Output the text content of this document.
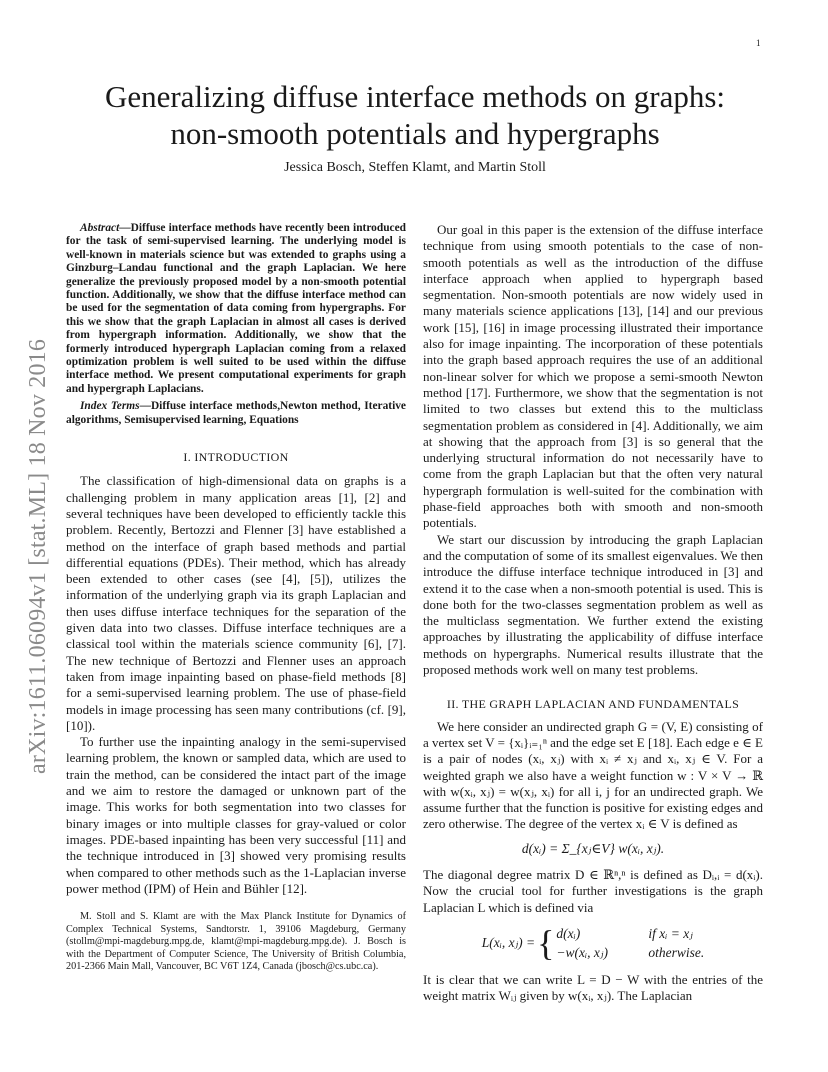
1
arXiv:1611.06094v1 [stat.ML] 18 Nov 2016
Generalizing diffuse interface methods on graphs:
non-smooth potentials and hypergraphs
Jessica Bosch, Steffen Klamt, and Martin Stoll

Abstract—Diffuse interface methods have recently been introduced for the task of semi-supervised learning. The underlying model is well-known in materials science but was extended to graphs using a Ginzburg–Landau functional and the graph Laplacian. We here generalize the previously proposed model by a non-smooth potential function. Additionally, we show that the diffuse interface method can be used for the segmentation of data coming from hypergraphs. For this we show that the graph Laplacian in almost all cases is derived from hypergraph information. Additionally, we show that the formerly introduced hypergraph Laplacian coming from a relaxed optimization problem is well suited to be used within the diffuse interface method. We present computational experiments for graph and hypergraph Laplacians.

Index Terms—Diffuse interface methods,Newton method, Iterative algorithms, Semisupervised learning, Equations

I. INTRODUCTION

The classification of high-dimensional data on graphs is a challenging problem in many application areas [1], [2] and several techniques have been developed to efficiently tackle this problem. Recently, Bertozzi and Flenner [3] have established a method on the interface of graph based methods and partial differential equations (PDEs). Their method, which has already been extended to other cases (see [4], [5]), utilizes the information of the underlying graph via its graph Laplacian and then uses diffuse interface techniques for the separation of the given data into two classes. Diffuse interface techniques are a classical tool within the materials science community [6], [7]. The new technique of Bertozzi and Flenner uses an approach taken from image inpainting based on phase-field methods [8] for a semi-supervised learning problem. The use of phase-field models in image processing has seen many contributions (cf. [9], [10]).

To further use the inpainting analogy in the semi-supervised learning problem, the known or sampled data, which are used to train the method, can be considered the intact part of the image and we aim to restore the damaged or unknown part of the image. This works for both segmentation into two classes for binary images or into multiple classes for gray-valued or color images. PDE-based inpainting has been very successful [11] and the technique introduced in [3] showed very promising results when compared to other methods such as the 1-Laplacian inverse power method (IPM) of Hein and Bühler [12].

M. Stoll and S. Klamt are with the Max Planck Institute for Dynamics of Complex Technical Systems, Sandtorstr. 1, 39106 Magdeburg, Germany (stollm@mpi-magdeburg.mpg.de, klamt@mpi-magdeburg.mpg.de). J. Bosch is with the Department of Computer Science, The University of British Columbia, 201-2366 Main Mall, Vancouver, BC V6T 1Z4, Canada (jbosch@cs.ubc.ca).

Our goal in this paper is the extension of the diffuse interface technique from using smooth potentials to the case of non-smooth potentials as well as the introduction of the diffuse interface approach when applied to hypergraph based segmentation. Non-smooth potentials are now widely used in many materials science applications [13], [14] and our previous work [15], [16] in image processing illustrated their importance also for image inpainting. The incorporation of these potentials into the graph based approach requires the use of an additional non-linear solver for which we propose a semi-smooth Newton method [17]. Furthermore, we show that the segmentation is not limited to two classes but extend this to the multiclass segmentation problem as considered in [4]. Additionally, we aim at showing that the approach from [3] is so general that the underlying structural information do not necessarily have to come from the graph Laplacian but that the often very natural hypergraph formulation is well-suited for the combination with phase-field approaches both with smooth and non-smooth potentials.

We start our discussion by introducing the graph Laplacian and the computation of some of its smallest eigenvalues. We then introduce the diffuse interface technique introduced in [3] and extend it to the case when a non-smooth potential is used. This is done both for the two-classes segmentation problem as well as the multiclass segmentation. We further extend the existing approaches by illustrating the applicability of diffuse interface methods on hypergraphs. Numerical results illustrate that the proposed methods work well on many test problems.

II. THE GRAPH LAPLACIAN AND FUNDAMENTALS

We here consider an undirected graph G = (V, E) consisting of a vertex set V = {xᵢ}ᵢ₌₁ⁿ and the edge set E [18]. Each edge e ∈ E is a pair of nodes (xᵢ, xⱼ) with xᵢ ≠ xⱼ and xᵢ, xⱼ ∈ V. For a weighted graph we also have a weight function w : V × V → ℝ with w(xᵢ, xⱼ) = w(xⱼ, xᵢ) for all i, j for an undirected graph. We assume further that the function is positive for existing edges and zero otherwise. The degree of the vertex xᵢ ∈ V is defined as

d(xᵢ) = Σ_{xⱼ∈V} w(xᵢ, xⱼ).

The diagonal degree matrix D ∈ ℝⁿ,ⁿ is defined as Dᵢ,ᵢ = d(xᵢ). Now the crucial tool for further investigations is the graph Laplacian L which is defined via

L(xᵢ, xⱼ) = { d(xᵢ)	if xᵢ = xⱼ
−w(xᵢ, xⱼ)	otherwise.

It is clear that we can write L = D − W with the entries of the weight matrix Wᵢⱼ given by w(xᵢ, xⱼ). The Laplacian
